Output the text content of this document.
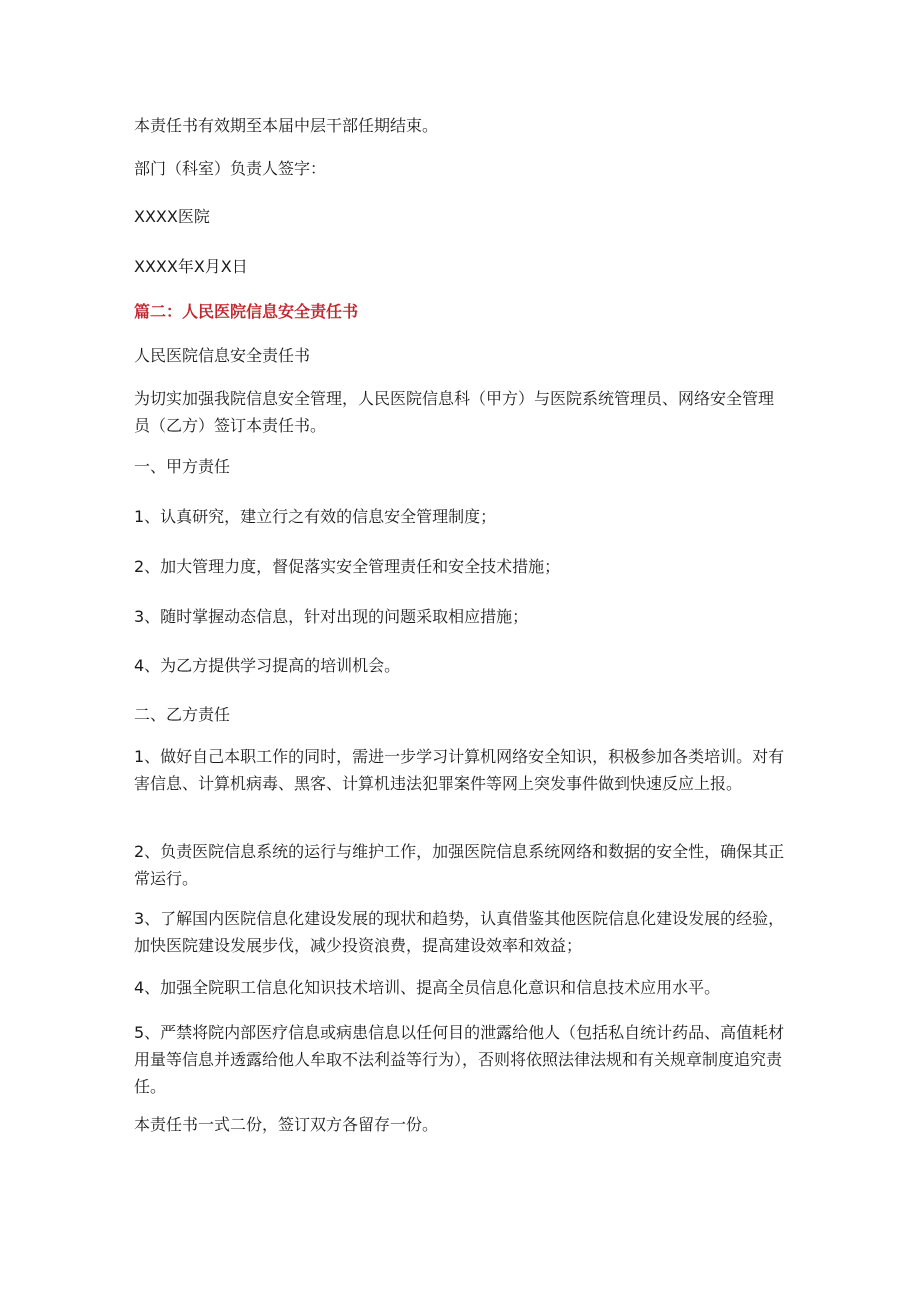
本责任书有效期至本届中层干部任期结束。

部门（科室）负责人签字：

XXXX医院

XXXX年X月X日

篇二：人民医院信息安全责任书

人民医院信息安全责任书

为切实加强我院信息安全管理，人民医院信息科（甲方）与医院系统管理员、网络安全管理员（乙方）签订本责任书。

一、甲方责任

1、认真研究，建立行之有效的信息安全管理制度；

2、加大管理力度，督促落实安全管理责任和安全技术措施；

3、随时掌握动态信息，针对出现的问题采取相应措施；

4、为乙方提供学习提高的培训机会。

二、乙方责任

1、做好自己本职工作的同时，需进一步学习计算机网络安全知识，积极参加各类培训。对有害信息、计算机病毒、黑客、计算机违法犯罪案件等网上突发事件做到快速反应上报。

2、负责医院信息系统的运行与维护工作，加强医院信息系统网络和数据的安全性，确保其正常运行。

3、了解国内医院信息化建设发展的现状和趋势，认真借鉴其他医院信息化建设发展的经验，加快医院建设发展步伐，减少投资浪费，提高建设效率和效益；

4、加强全院职工信息化知识技术培训、提高全员信息化意识和信息技术应用水平。

5、严禁将院内部医疗信息或病患信息以任何目的泄露给他人（包括私自统计药品、高值耗材用量等信息并透露给他人牟取不法利益等行为），否则将依照法律法规和有关规章制度追究责任。

本责任书一式二份，签订双方各留存一份。
